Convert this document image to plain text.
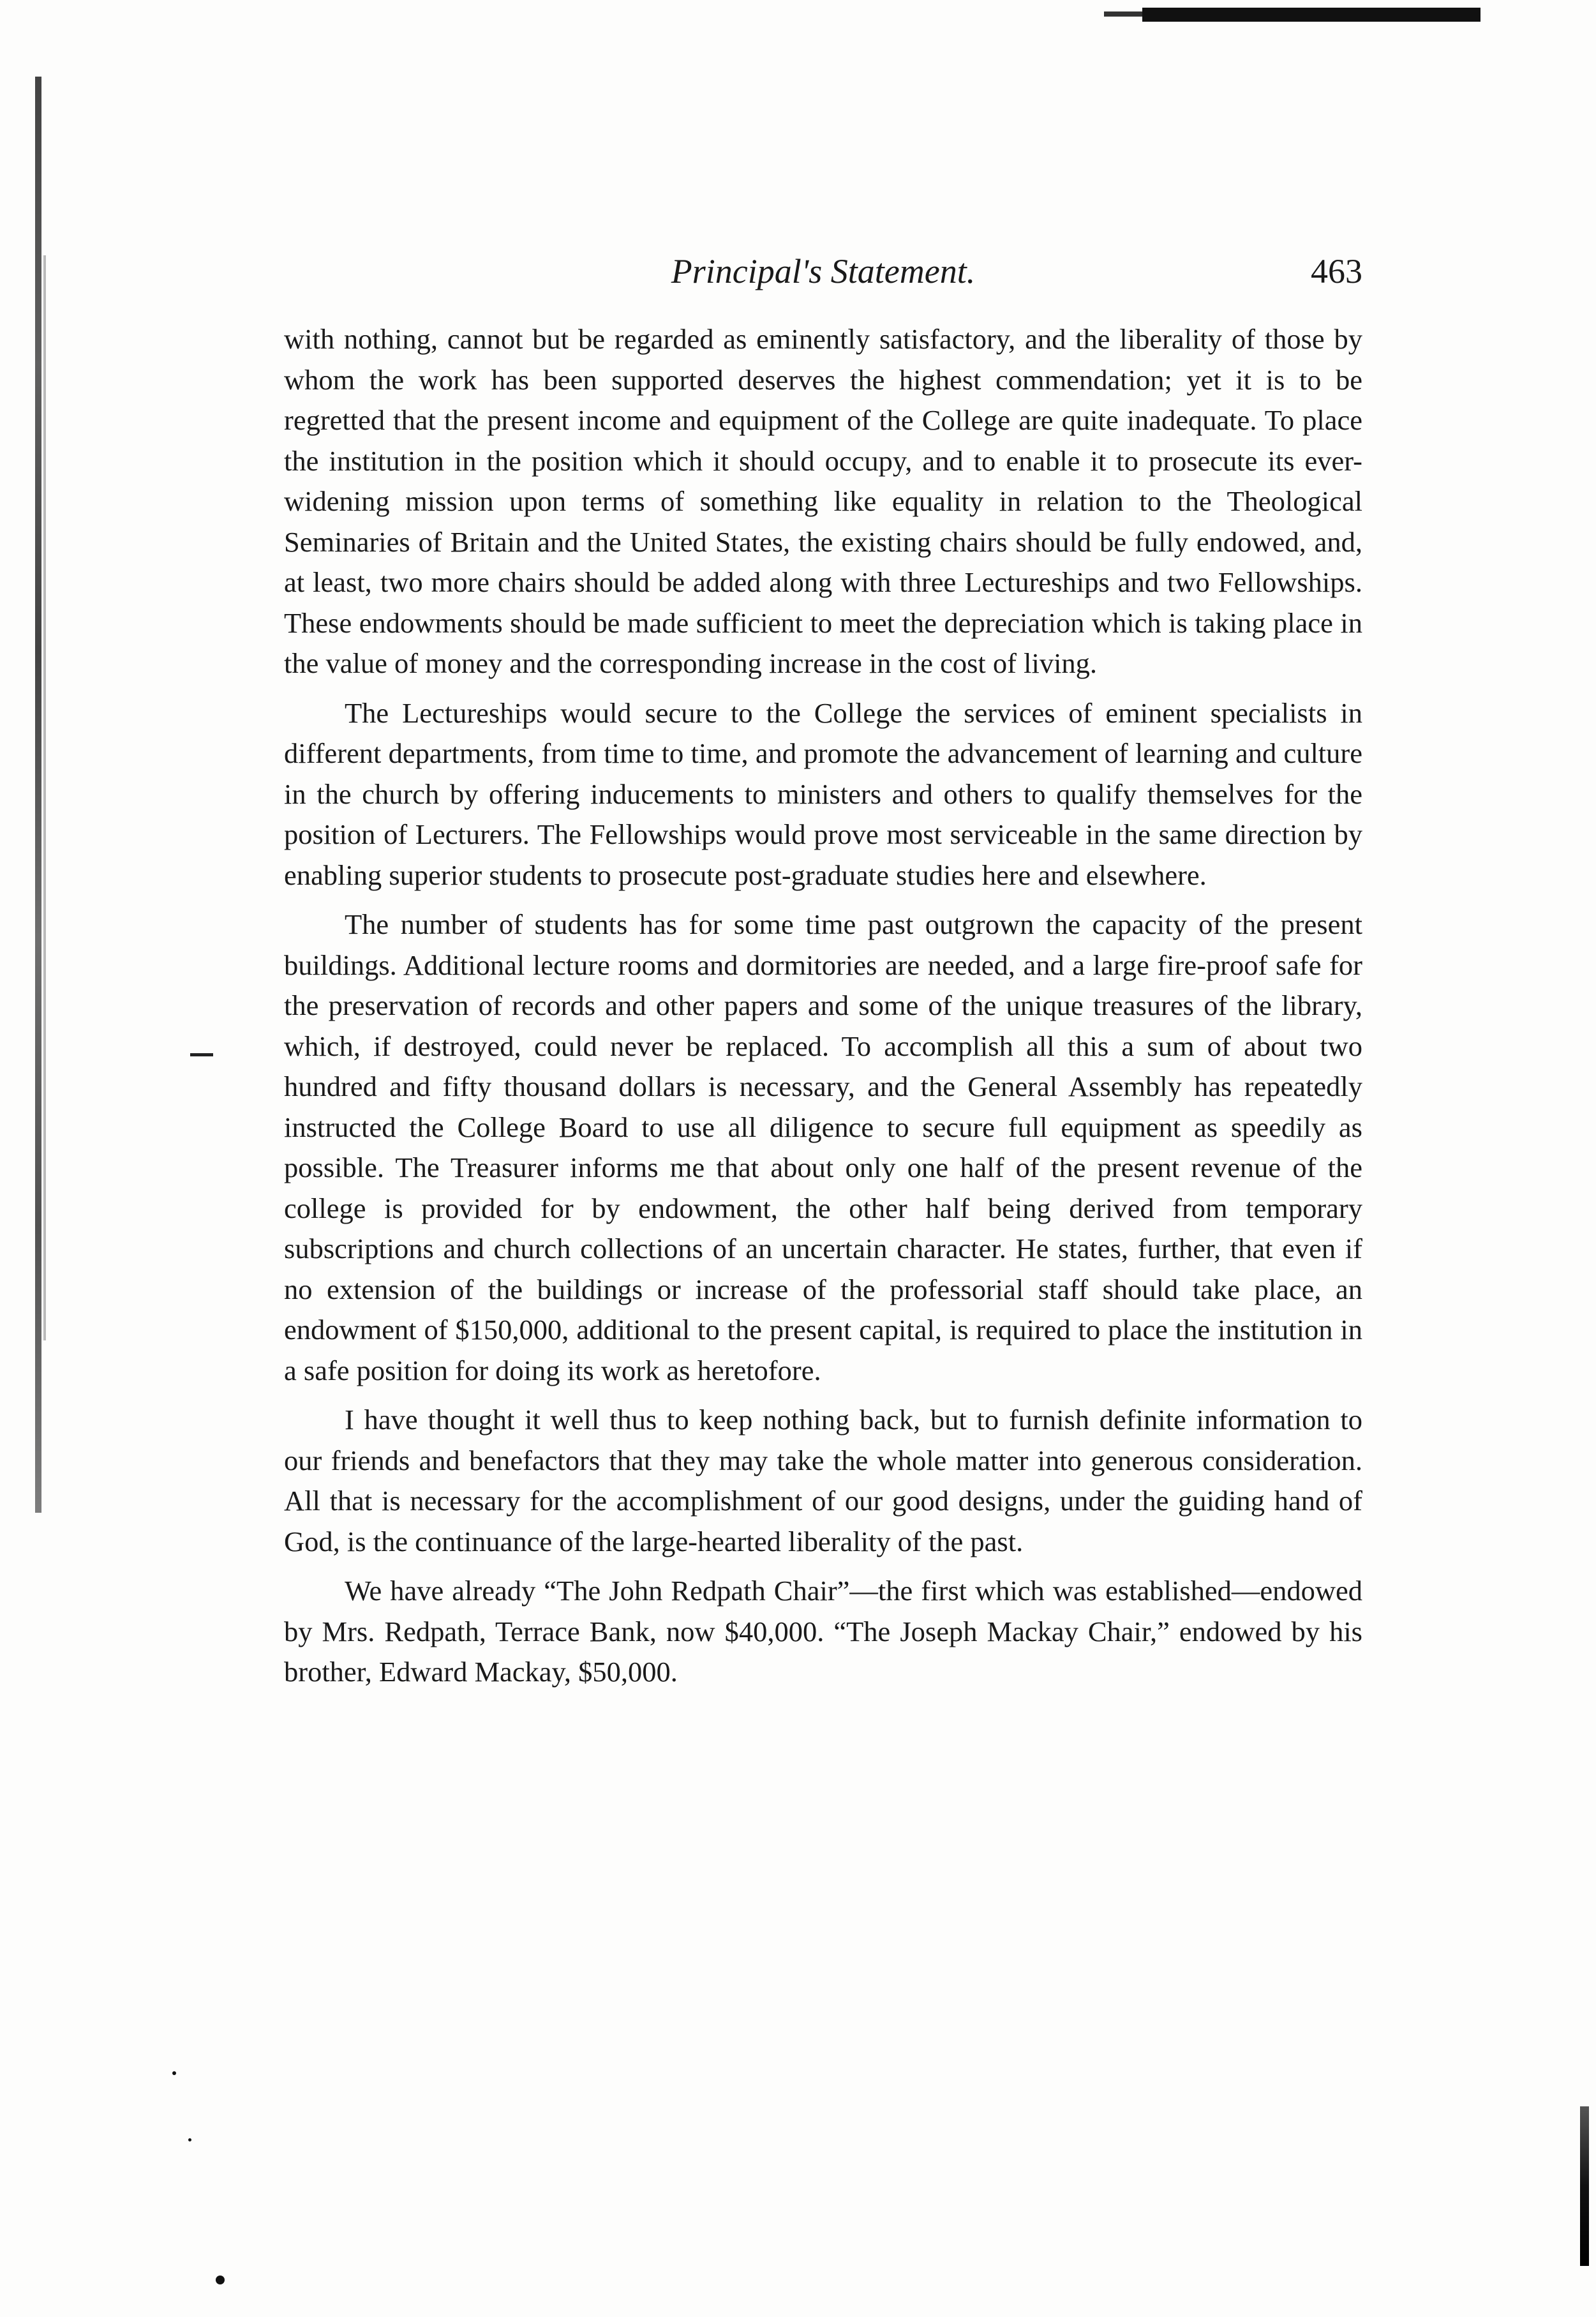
Principal's Statement.	463

with nothing, cannot but be regarded as eminently satisfactory, and the liberality of those by whom the work has been supported deserves the highest commendation; yet it is to be regretted that the present income and equipment of the College are quite inadequate. To place the institution in the position which it should occupy, and to enable it to prosecute its ever-widening mission upon terms of something like equality in relation to the Theological Seminaries of Britain and the United States, the existing chairs should be fully endowed, and, at least, two more chairs should be added along with three Lectureships and two Fellowships. These endowments should be made sufficient to meet the depreciation which is taking place in the value of money and the corresponding increase in the cost of living.

The Lectureships would secure to the College the services of eminent specialists in different departments, from time to time, and promote the advancement of learning and culture in the church by offering inducements to ministers and others to qualify themselves for the position of Lecturers. The Fellowships would prove most serviceable in the same direction by enabling superior students to prosecute post-graduate studies here and elsewhere.

The number of students has for some time past outgrown the capacity of the present buildings. Additional lecture rooms and dormitories are needed, and a large fire-proof safe for the preservation of records and other papers and some of the unique treasures of the library, which, if destroyed, could never be replaced. To accomplish all this a sum of about two hundred and fifty thousand dollars is necessary, and the General Assembly has repeatedly instructed the College Board to use all diligence to secure full equipment as speedily as possible. The Treasurer informs me that about only one half of the present revenue of the college is provided for by endowment, the other half being derived from temporary subscriptions and church collections of an uncertain character. He states, further, that even if no extension of the buildings or increase of the professorial staff should take place, an endowment of $150,000, additional to the present capital, is required to place the institution in a safe position for doing its work as heretofore.

I have thought it well thus to keep nothing back, but to furnish definite information to our friends and benefactors that they may take the whole matter into generous consideration. All that is necessary for the accomplishment of our good designs, under the guiding hand of God, is the continuance of the large-hearted liberality of the past.

We have already “The John Redpath Chair”—the first which was established—endowed by Mrs. Redpath, Terrace Bank, now $40,000. “The Joseph Mackay Chair,” endowed by his brother, Edward Mackay, $50,000.
